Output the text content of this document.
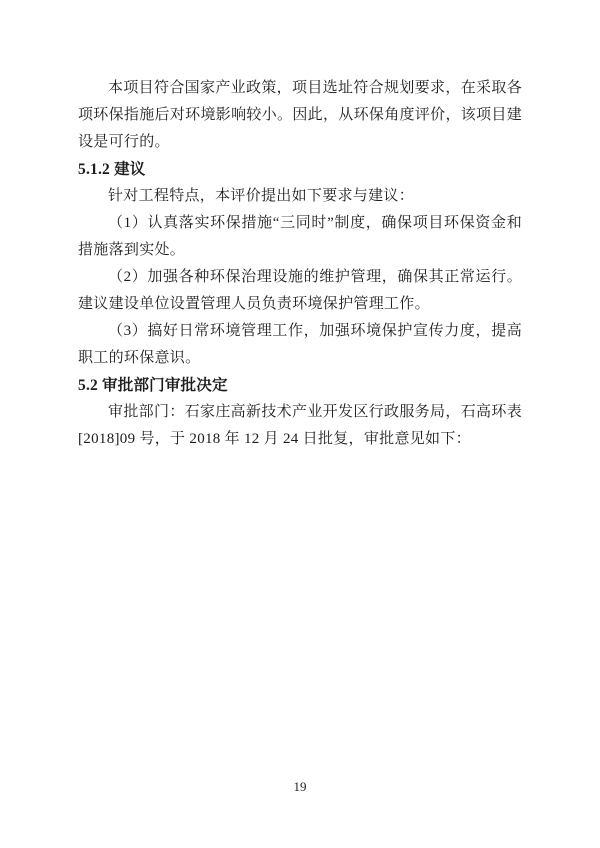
本项目符合国家产业政策，项目选址符合规划要求，在采取各项环保指施后对环境影响较小。因此，从环保角度评价，该项目建设是可行的。

5.1.2 建议

针对工程特点，本评价提出如下要求与建议：

（1）认真落实环保措施“三同时”制度，确保项目环保资金和措施落到实处。

（2）加强各种环保治理设施的维护管理，确保其正常运行。建议建设单位设置管理人员负责环境保护管理工作。

（3）搞好日常环境管理工作，加强环境保护宣传力度，提高职工的环保意识。

5.2 审批部门审批决定

审批部门：石家庄高新技术产业开发区行政服务局，石高环表[2018]09 号，于 2018 年 12 月 24 日批复，审批意见如下：

19
